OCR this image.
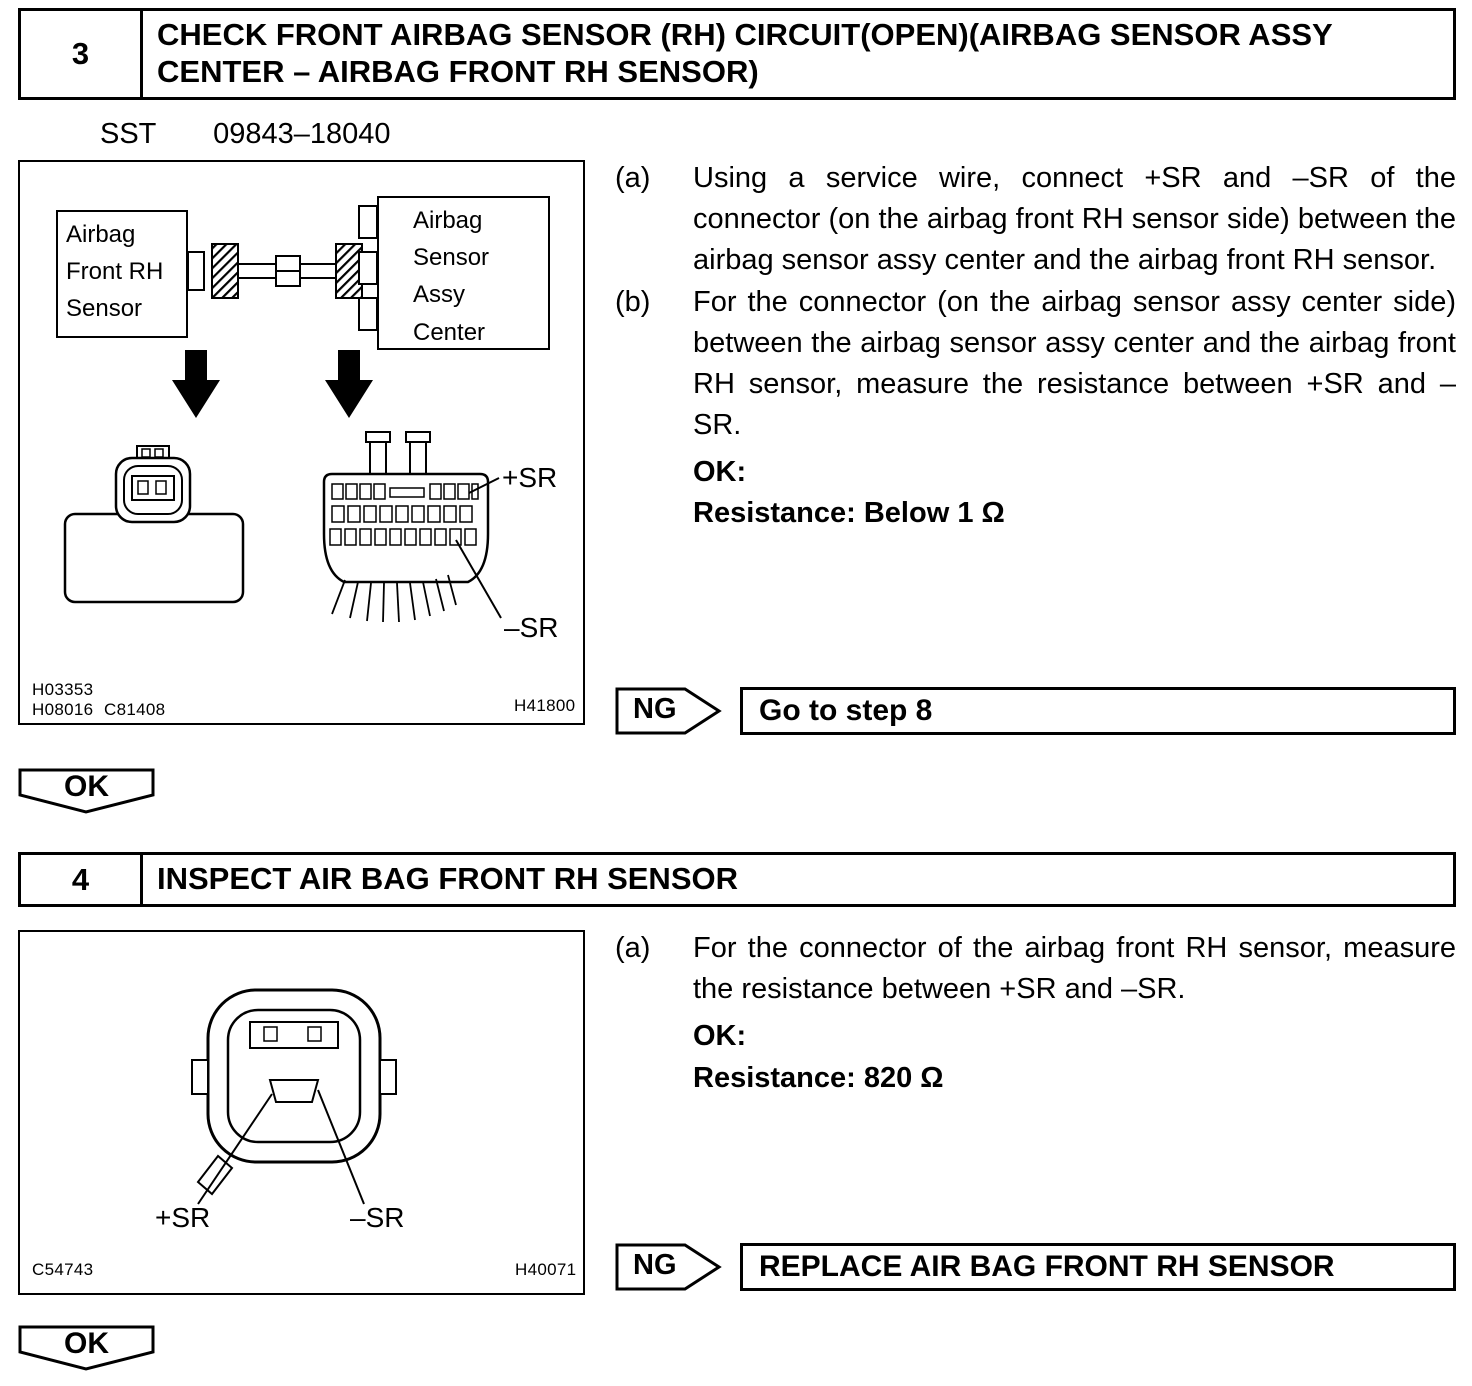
3
CHECK FRONT AIRBAG SENSOR (RH) CIRCUIT(OPEN)(AIRBAG SENSOR ASSY CENTER – AIRBAG FRONT RH SENSOR)
SST 09843–18040
Airbag
Front RH
Sensor
Airbag
Sensor
Assy
Center
+SR
–SR
H03353
H08016 C81408	H41800
(a)	Using a service wire, connect +SR and –SR of the connector (on the airbag front RH sensor side) between the airbag sensor assy center and the airbag front RH sensor.
(b)	For the connector (on the airbag sensor assy center side) between the airbag sensor assy center and the airbag front RH sensor, measure the resistance between +SR and –SR.
OK:
Resistance: Below 1 Ω
NG	Go to step 8
OK
4	INSPECT AIR BAG FRONT RH SENSOR
+SR	–SR
C54743	H40071
(a)	For the connector of the airbag front RH sensor, measure the resistance between +SR and –SR.
OK:
Resistance: 820 Ω
NG	REPLACE AIR BAG FRONT RH SENSOR
OK
